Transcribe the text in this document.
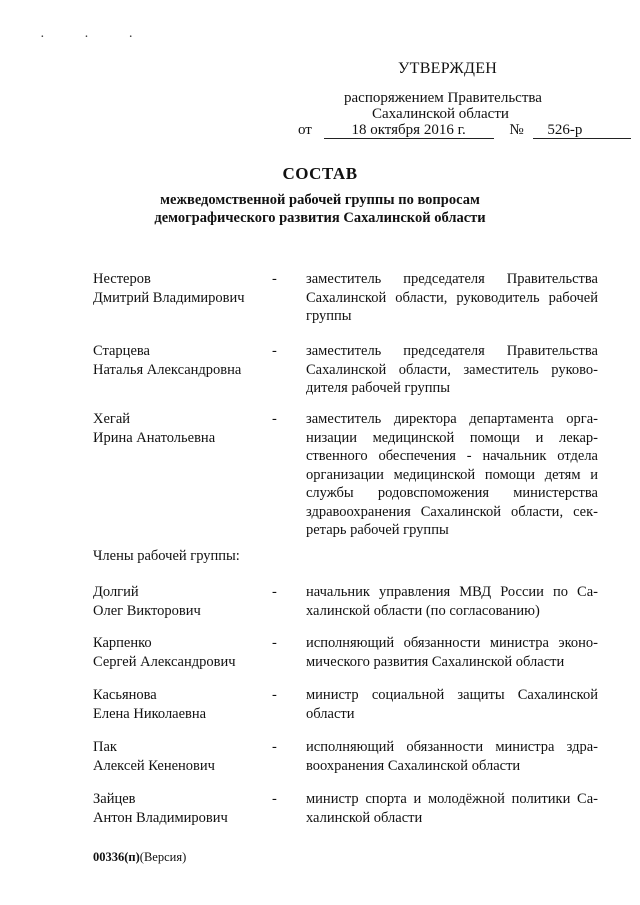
· · ·
УТВЕРЖДЕН
распоряжением Правительства
Сахалинской области
от	18 октября 2016 г.	№ 526-р
СОСТАВ
межведомственной рабочей группы по вопросам
демографического развития Сахалинской области
Нестеров
Дмитрий Владимирович
- заместитель председателя Правительства
Сахалинской области, руководитель рабочей
группы
Старцева
Наталья Александровна
- заместитель председателя Правительства
Сахалинской области, заместитель руково-
дителя рабочей группы
Хегай
Ирина Анатольевна
- заместитель директора департамента орга-
низации медицинской помощи и лекар-
ственного обеспечения - начальник отдела
организации медицинской помощи детям и
службы родовспоможения министерства
здравоохранения Сахалинской области, сек-
ретарь рабочей группы
Члены рабочей группы:
Долгий
Олег Викторович
- начальник управления МВД России по Са-
халинской области (по согласованию)
Карпенко
Сергей Александрович
- исполняющий обязанности министра эконо-
мического развития Сахалинской области
Касьянова
Елена Николаевна
- министр социальной защиты Сахалинской
области
Пак
Алексей Кененович
- исполняющий обязанности министра здра-
воохранения Сахалинской области
Зайцев
Антон Владимирович
- министр спорта и молодёжной политики Са-
халинской области
00336(п)(Версия)
